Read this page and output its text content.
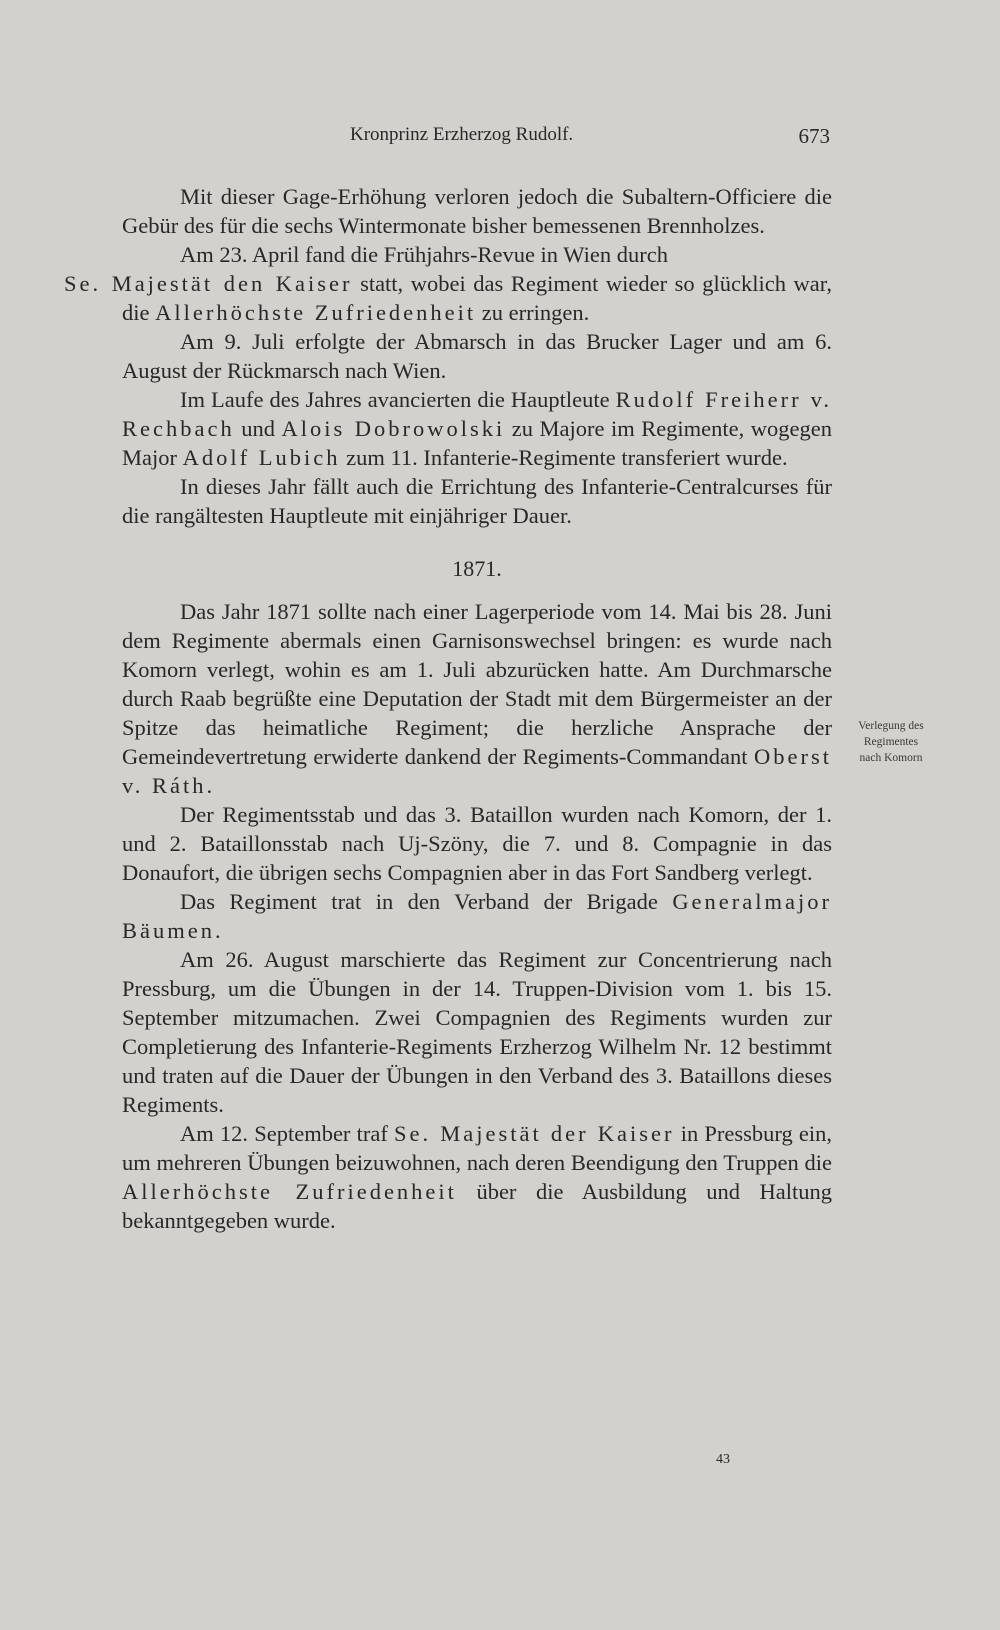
Kronprinz Erzherzog Rudolf.	673

Mit dieser Gage-Erhöhung verloren jedoch die Subaltern-Officiere die Gebür des für die sechs Wintermonate bisher bemessenen Brennholzes.

Am 23. April fand die Frühjahrs-Revue in Wien durch
Se. Majestät den Kaiser statt, wobei das Regiment wieder so glücklich war, die Allerhöchste Zufriedenheit zu erringen.

Am 9. Juli erfolgte der Abmarsch in das Brucker Lager und am 6. August der Rückmarsch nach Wien.

Im Laufe des Jahres avancierten die Hauptleute Rudolf Freiherr v. Rechbach und Alois Dobrowolski zu Majore im Regimente, wogegen Major Adolf Lubich zum 11. Infanterie-Regimente transferiert wurde.

In dieses Jahr fällt auch die Errichtung des Infanterie-Centralcurses für die rangältesten Hauptleute mit einjähriger Dauer.

1871.

Das Jahr 1871 sollte nach einer Lagerperiode vom 14. Mai bis 28. Juni dem Regimente abermals einen Garnisonswechsel bringen: es wurde nach Komorn verlegt, wohin es am 1. Juli abzurücken hatte. Am Durchmarsche durch Raab begrüßte eine Deputation der Stadt mit dem Bürgermeister an der Spitze das heimatliche Regiment; die herzliche Ansprache der Gemeindevertretung erwiderte dankend der Regiments-Commandant Oberst v. Ráth.

Der Regimentsstab und das 3. Bataillon wurden nach Komorn, der 1. und 2. Bataillonsstab nach Uj-Szöny, die 7. und 8. Compagnie in das Donaufort, die übrigen sechs Compagnien aber in das Fort Sandberg verlegt.

Das Regiment trat in den Verband der Brigade Generalmajor Bäumen.

Am 26. August marschierte das Regiment zur Concentrierung nach Pressburg, um die Übungen in der 14. Truppen-Division vom 1. bis 15. September mitzumachen. Zwei Compagnien des Regiments wurden zur Completierung des Infanterie-Regiments Erzherzog Wilhelm Nr. 12 bestimmt und traten auf die Dauer der Übungen in den Verband des 3. Bataillons dieses Regiments.

Am 12. September traf Se. Majestät der Kaiser in Pressburg ein, um mehreren Übungen beizuwohnen, nach deren Beendigung den Truppen die Allerhöchste Zufriedenheit über die Ausbildung und Haltung bekanntgegeben wurde.

Verlegung des
Regimentes
nach Komorn
43
